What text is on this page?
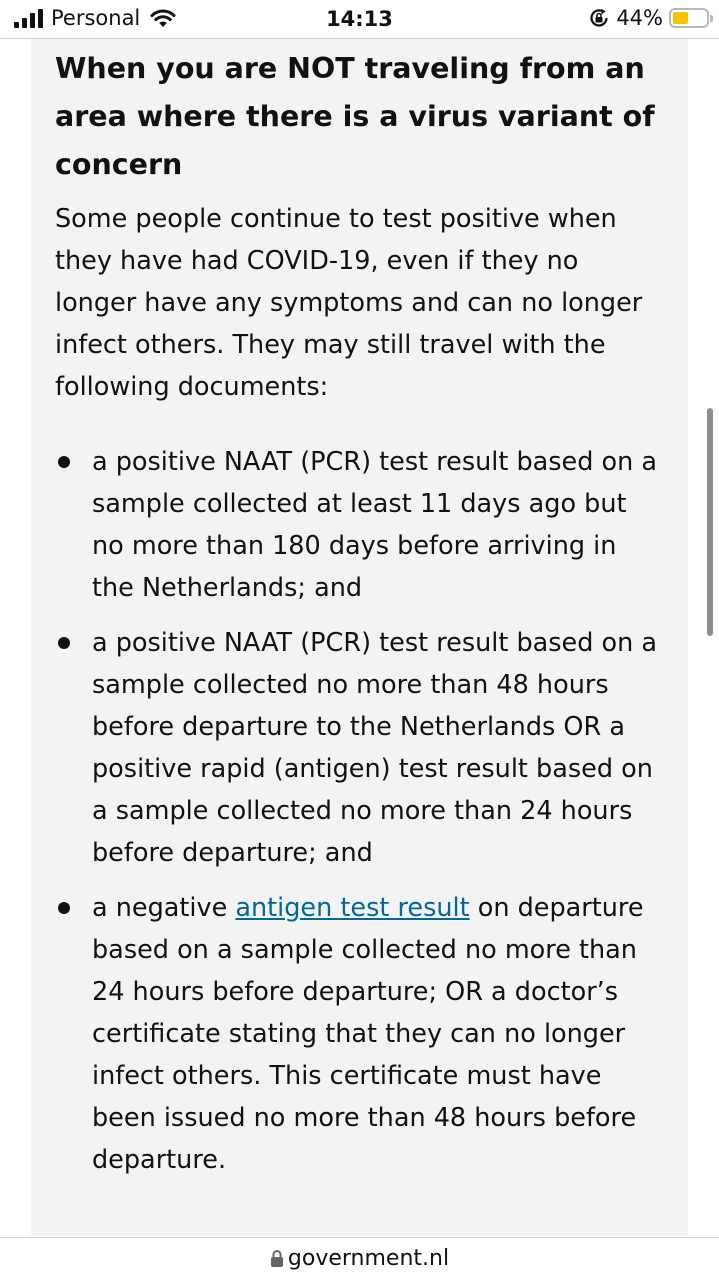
Personal	14:13	44%
When you are NOT traveling from an area where there is a virus variant of concern

Some people continue to test positive when they have had COVID-19, even if they no longer have any symptoms and can no longer infect others. They may still travel with the following documents:

a positive NAAT (PCR) test result based on a sample collected at least 11 days ago but no more than 180 days before arriving in the Netherlands; and
a positive NAAT (PCR) test result based on a sample collected no more than 48 hours before departure to the Netherlands OR a positive rapid (antigen) test result based on a sample collected no more than 24 hours before departure; and
a negative antigen test result on departure based on a sample collected no more than 24 hours before departure; OR a doctor’s certificate stating that they can no longer infect others. This certificate must have been issued no more than 48 hours before departure.
government.nl
